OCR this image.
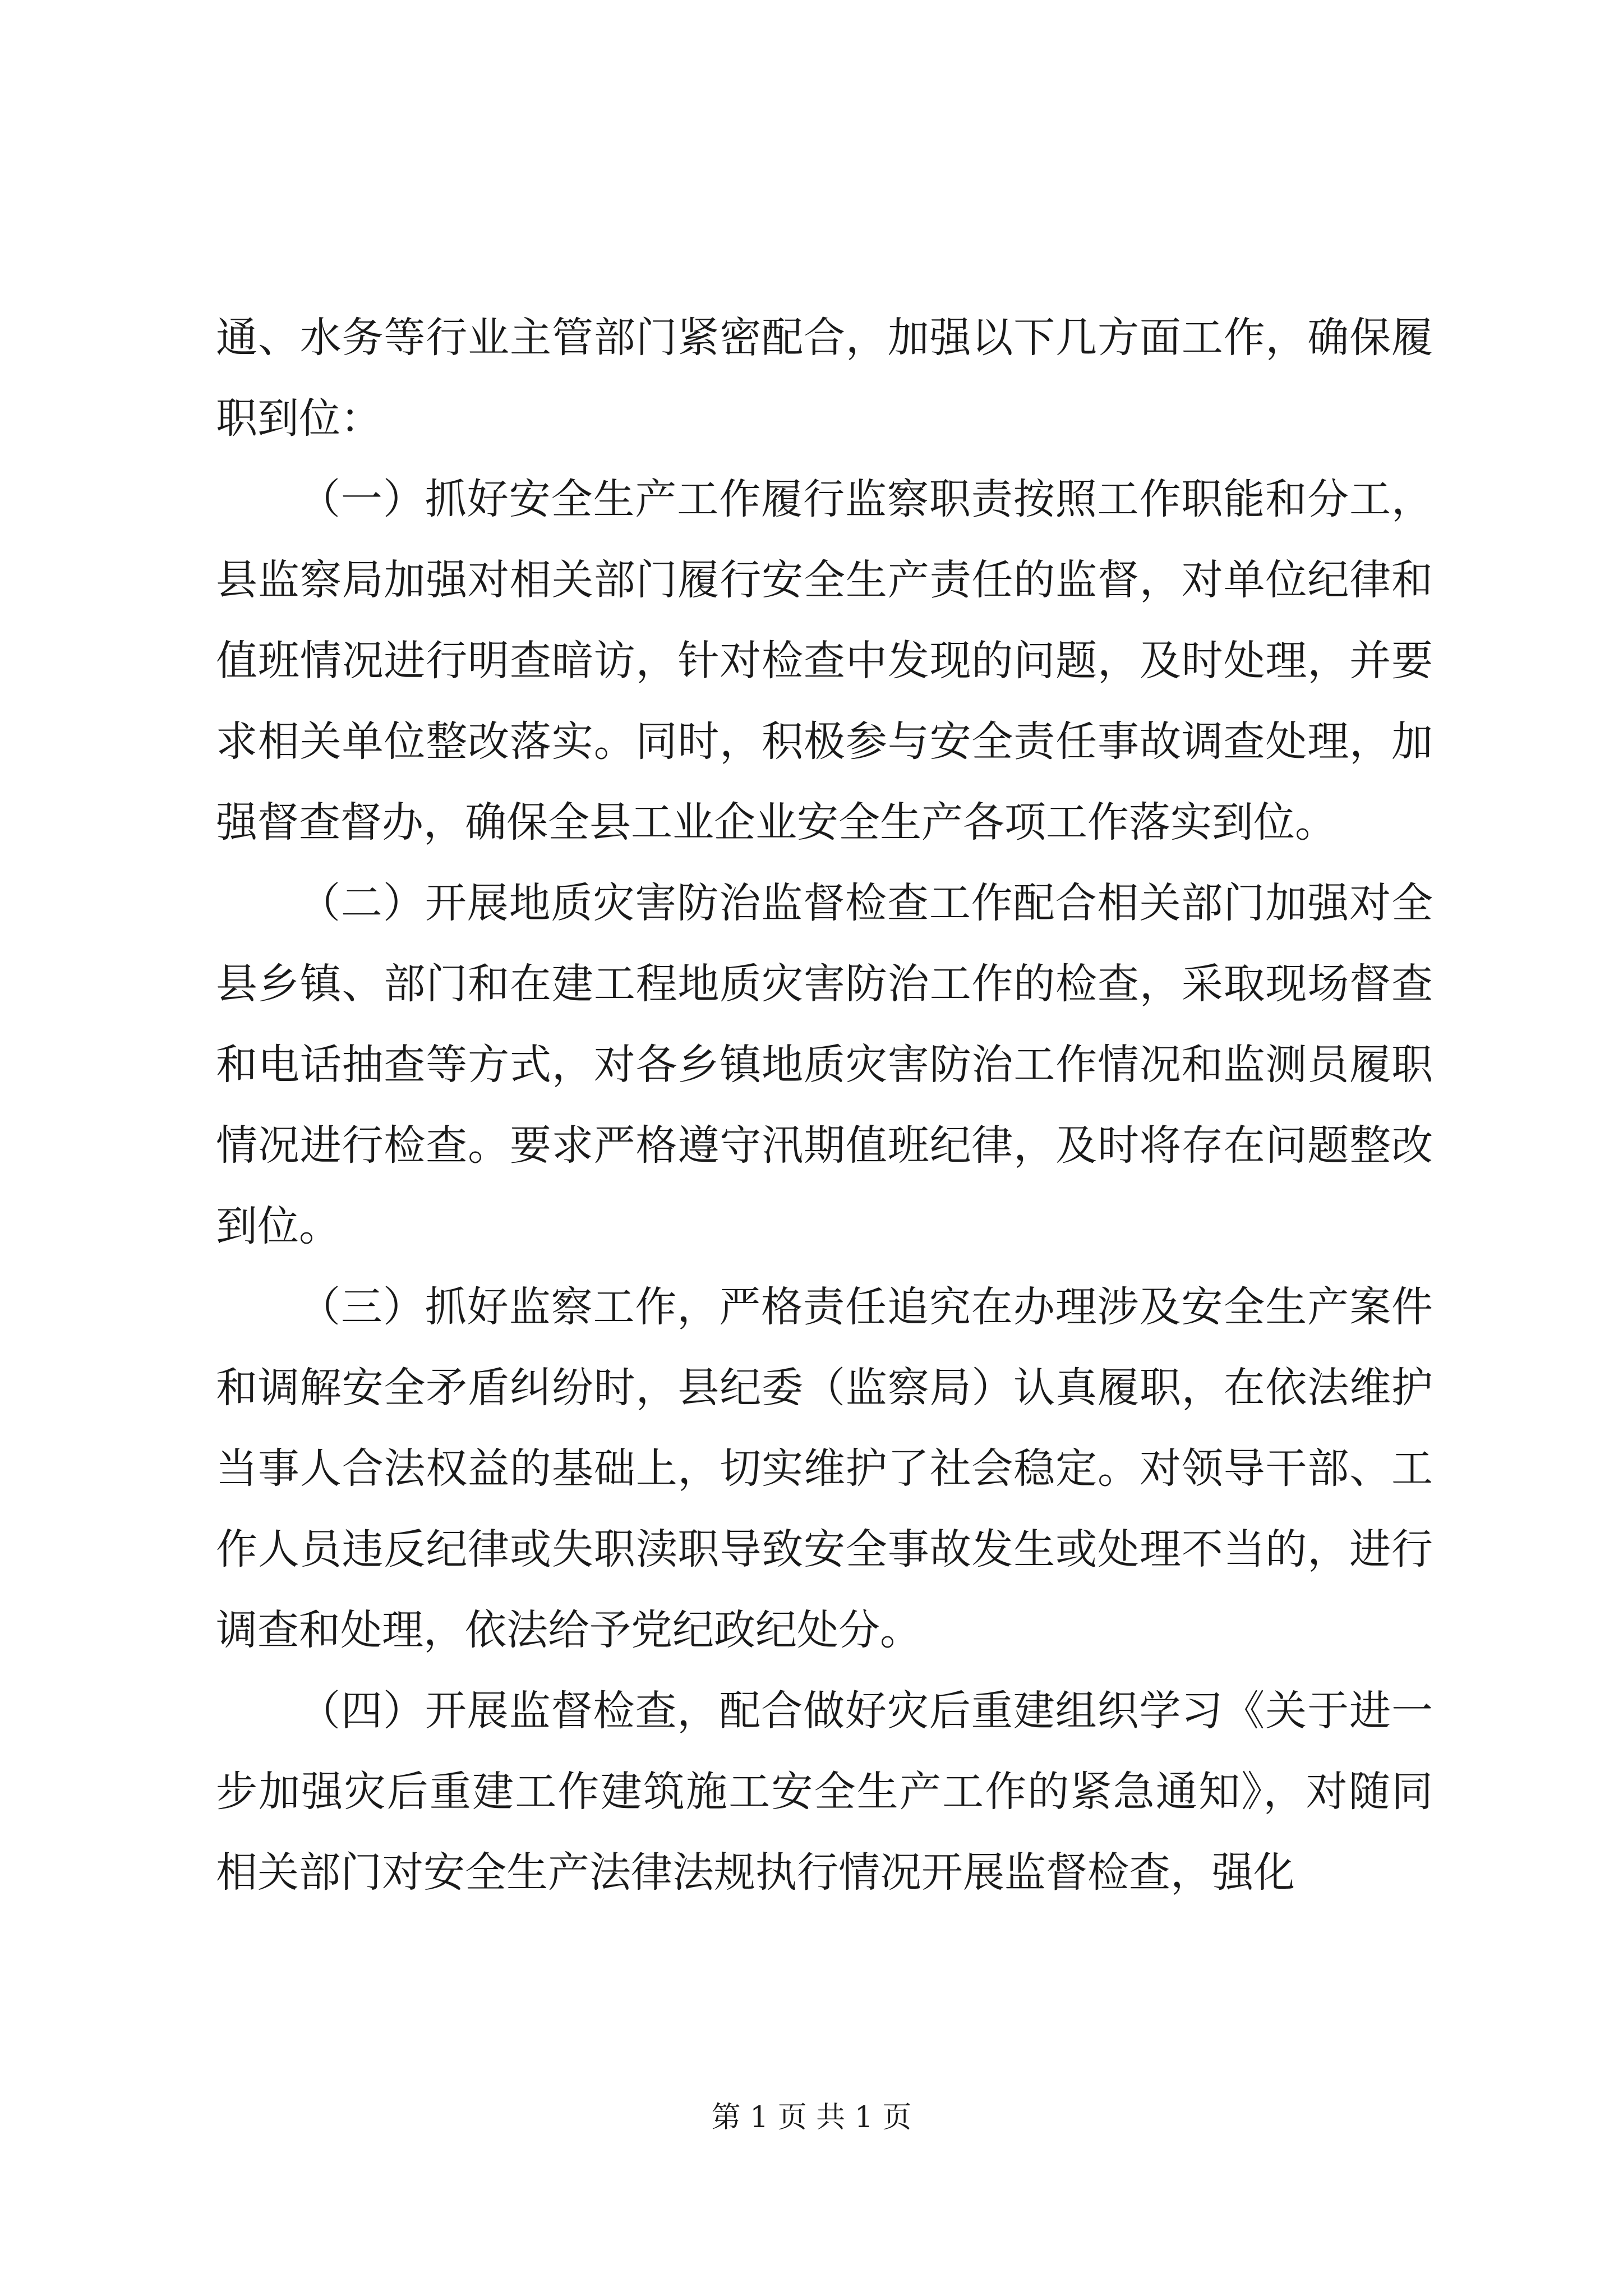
通、水务等行业主管部门紧密配合，加强以下几方面工作，确保履职到位：

（一）抓好安全生产工作履行监察职责按照工作职能和分工，县监察局加强对相关部门履行安全生产责任的监督，对单位纪律和值班情况进行明查暗访，针对检查中发现的问题，及时处理，并要求相关单位整改落实。同时，积极参与安全责任事故调查处理，加强督查督办，确保全县工业企业安全生产各项工作落实到位。

（二）开展地质灾害防治监督检查工作配合相关部门加强对全县乡镇、部门和在建工程地质灾害防治工作的检查，采取现场督查和电话抽查等方式，对各乡镇地质灾害防治工作情况和监测员履职情况进行检查。要求严格遵守汛期值班纪律，及时将存在问题整改到位。

（三）抓好监察工作，严格责任追究在办理涉及安全生产案件和调解安全矛盾纠纷时，县纪委（监察局）认真履职，在依法维护当事人合法权益的基础上，切实维护了社会稳定。对领导干部、工作人员违反纪律或失职渎职导致安全事故发生或处理不当的，进行调查和处理，依法给予党纪政纪处分。

（四）开展监督检查，配合做好灾后重建组织学习《关于进一步加强灾后重建工作建筑施工安全生产工作的紧急通知》，对随同相关部门对安全生产法律法规执行情况开展监督检查，强化

第 1 页 共 1 页
